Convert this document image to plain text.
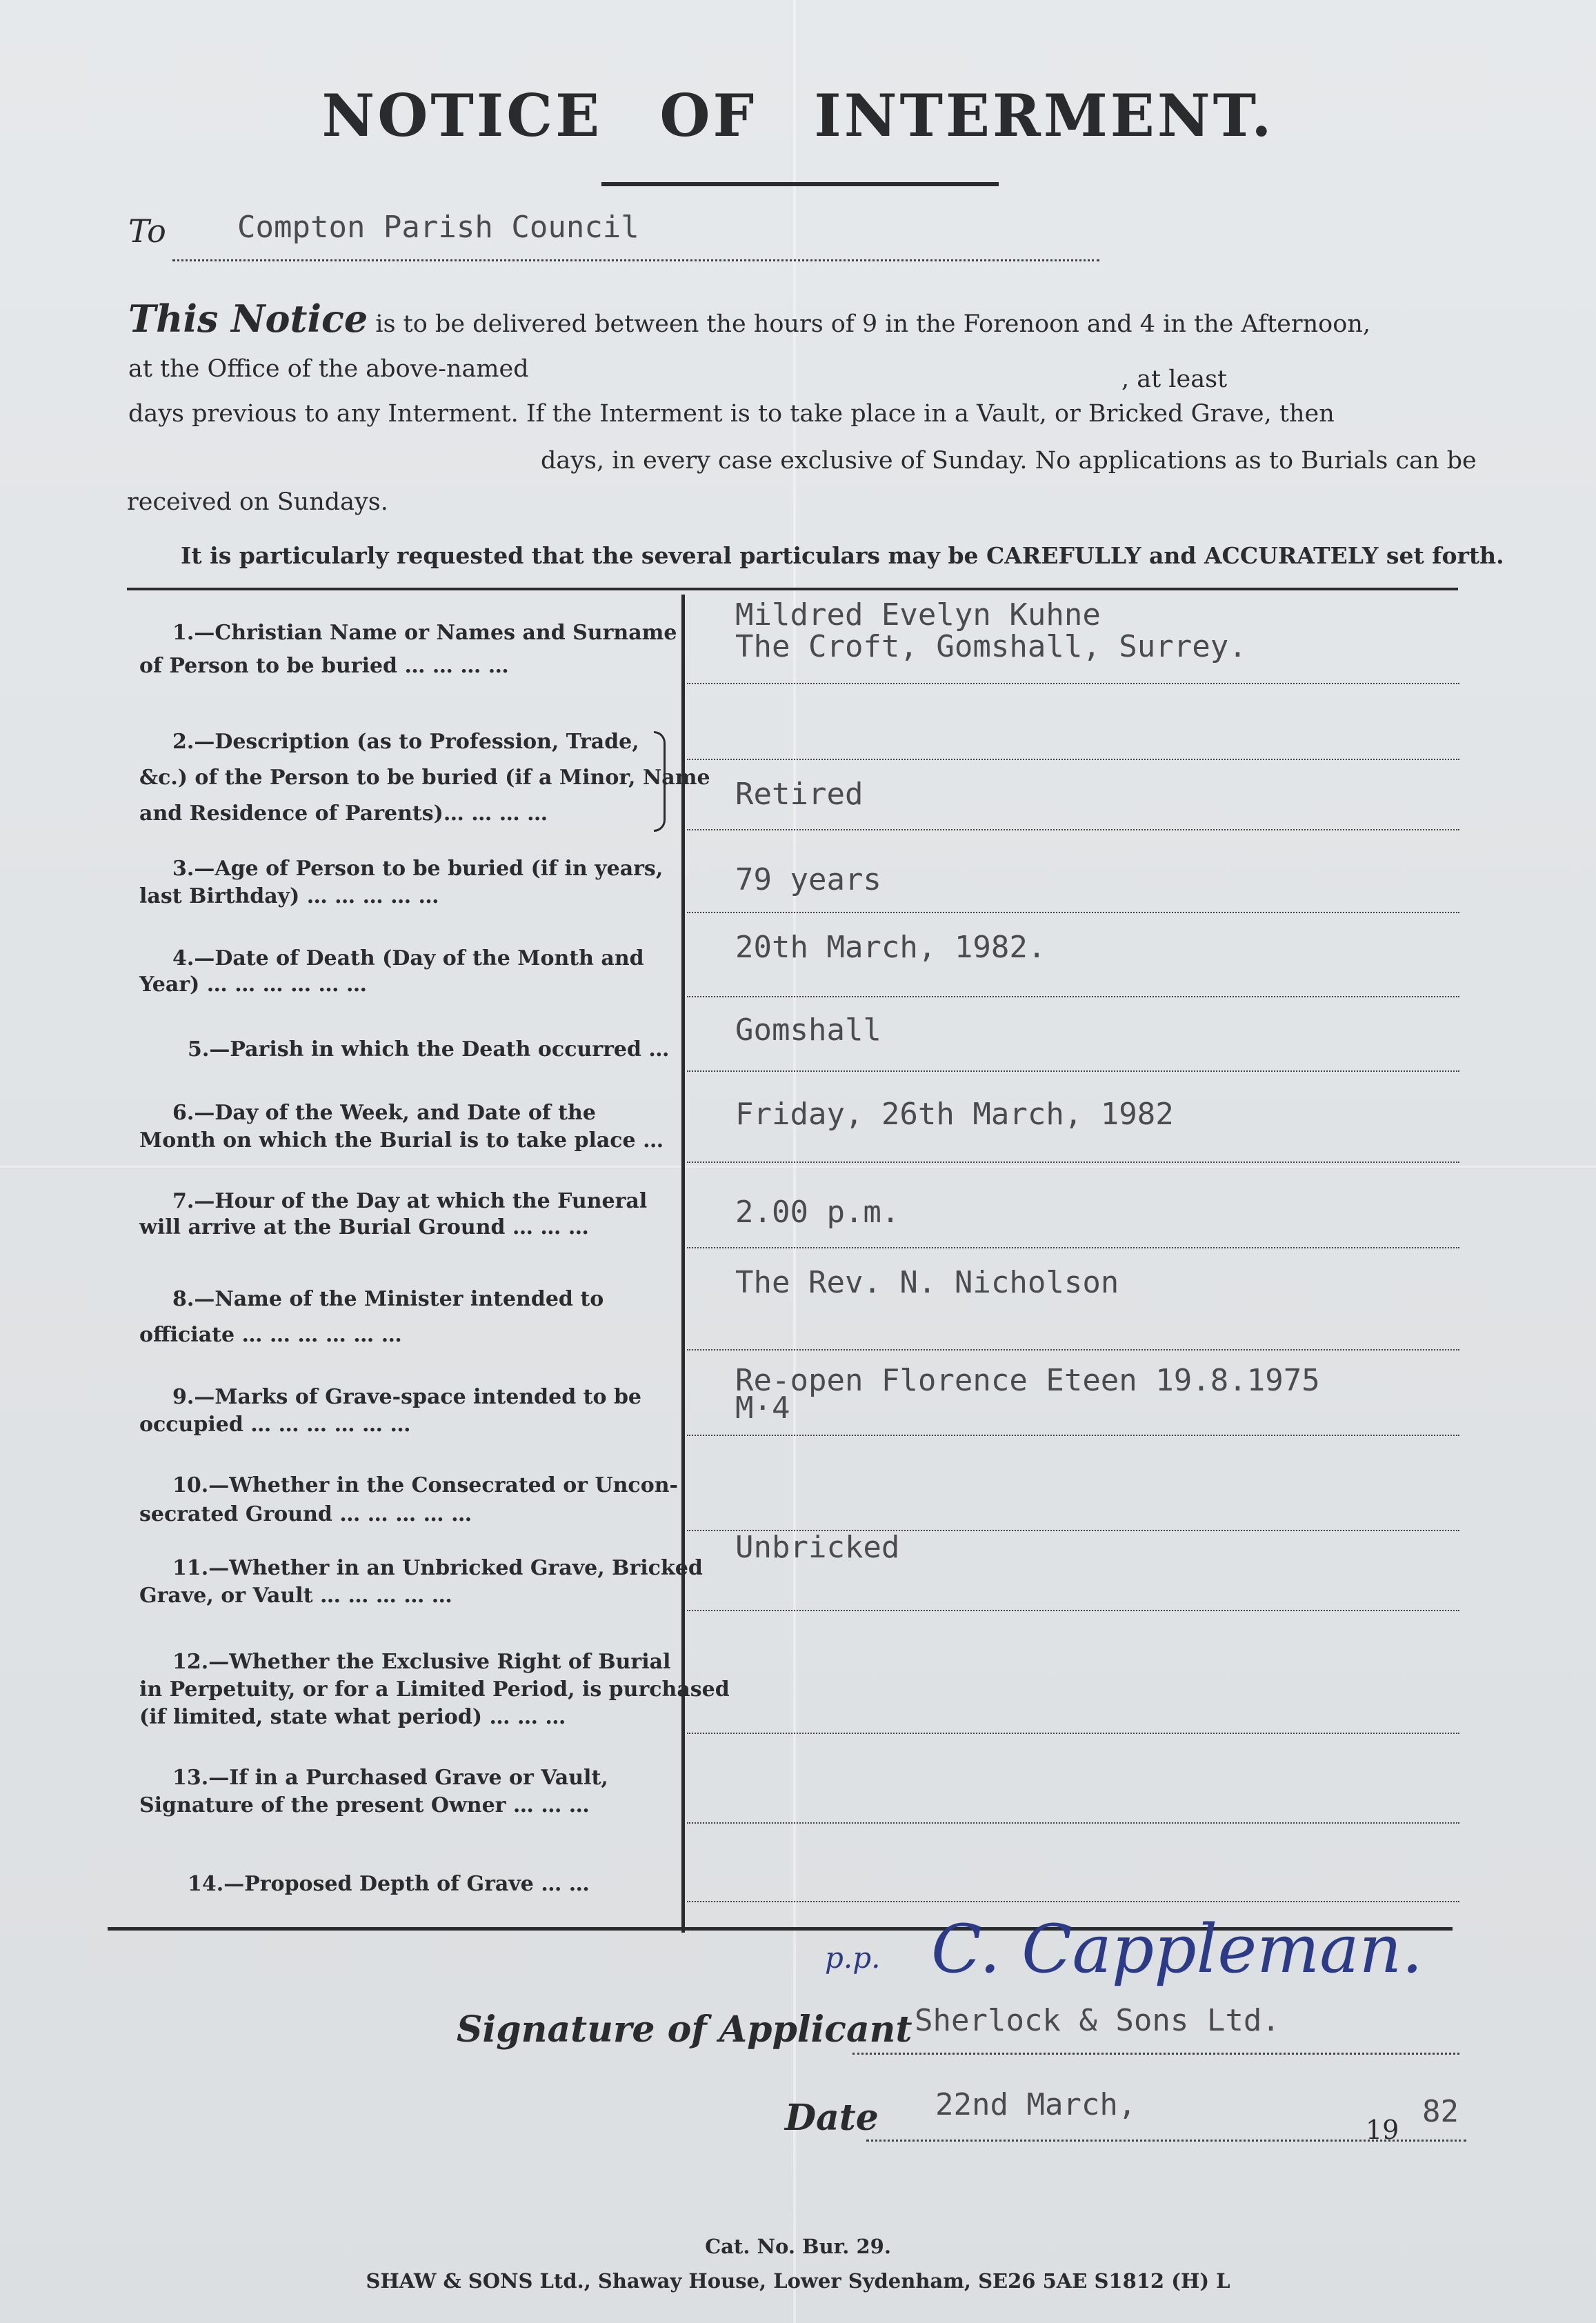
NOTICE OF INTERMENT.
To Compton Parish Council
This Notice is to be delivered between the hours of 9 in the Forenoon and 4 in the Afternoon,
at the Office of the above-named	, at least
days previous to any Interment. If the Interment is to take place in a Vault, or Bricked Grave, then
days, in every case exclusive of Sunday. No applications as to Burials can be
received on Sundays.
It is particularly requested that the several particulars may be CAREFULLY and ACCURATELY set forth.
1.—Christian Name or Names and Surname
of Person to be buried … … … …
2.—Description (as to Profession, Trade,
&c.) of the Person to be buried (if a Minor, Name
and Residence of Parents)… … … …
3.—Age of Person to be buried (if in years,
last Birthday) … … … … …
4.—Date of Death (Day of the Month and
Year) … … … … … …
5.—Parish in which the Death occurred …
6.—Day of the Week, and Date of the
Month on which the Burial is to take place …
7.—Hour of the Day at which the Funeral
will arrive at the Burial Ground … … …
8.—Name of the Minister intended to
officiate … … … … … …
9.—Marks of Grave-space intended to be
occupied … … … … … …
10.—Whether in the Consecrated or Uncon-
secrated Ground … … … … …
11.—Whether in an Unbricked Grave, Bricked
Grave, or Vault … … … … …
12.—Whether the Exclusive Right of Burial
in Perpetuity, or for a Limited Period, is purchased
(if limited, state what period) … … …
13.—If in a Purchased Grave or Vault,
Signature of the present Owner … … …
14.—Proposed Depth of Grave … …
Mildred Evelyn Kuhne
The Croft, Gomshall, Surrey.
Retired
79 years
20th March, 1982.
Gomshall
Friday, 26th March, 1982
2.00 p.m.
The Rev. N. Nicholson
Re-open Florence Eteen 19.8.1975
M·4
Unbricked
p.p. C. Cappleman.
Signature of Applicant Sherlock & Sons Ltd.
Date 22nd March,
19
82
Cat. No. Bur. 29.
SHAW & SONS Ltd., Shaway House, Lower Sydenham, SE26 5AE S1812 (H) L
